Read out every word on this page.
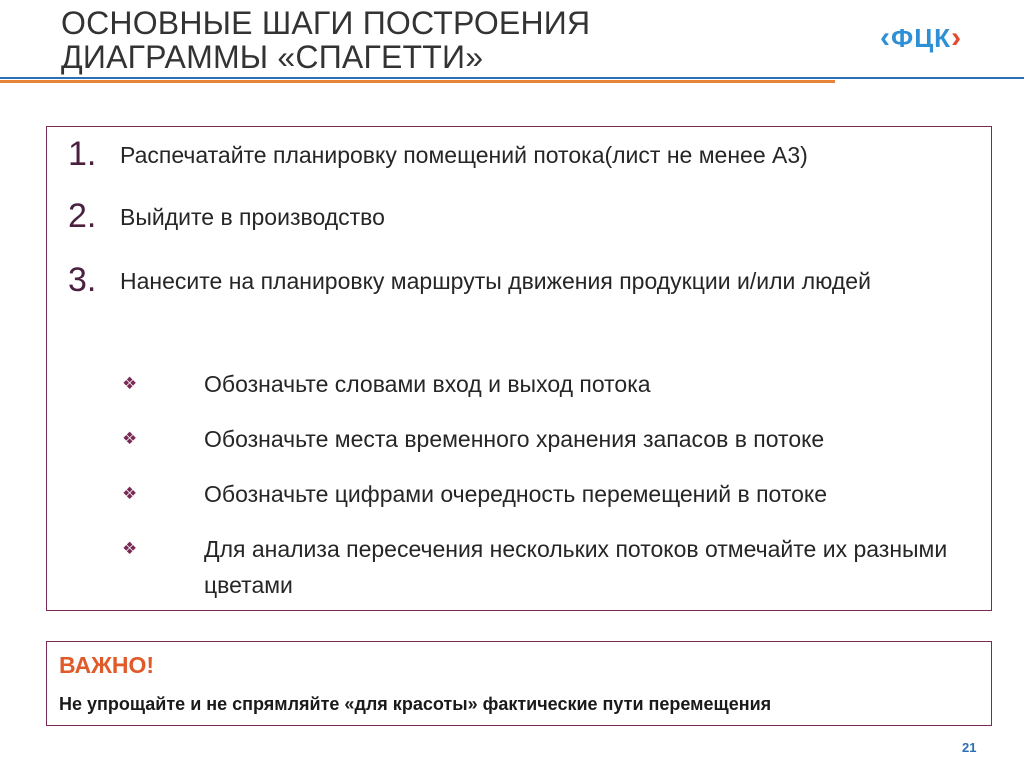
ОСНОВНЫЕ ШАГИ ПОСТРОЕНИЯ
ДИАГРАММЫ «СПАГЕТТИ»
‹ ФЦК ›
1.	Распечатайте планировку помещений потока(лист не менее А3)
2.	Выйдите в производство
3.	Нанесите на планировку маршруты движения продукции и/или людей
❖	Обозначьте словами вход и выход потока
❖	Обозначьте места временного хранения запасов в потоке
❖	Обозначьте цифрами очередность перемещений в потоке
❖	Для анализа пересечения нескольких потоков отмечайте их разными цветами
ВАЖНО!
Не упрощайте и не спрямляйте «для красоты» фактические пути перемещения
21
